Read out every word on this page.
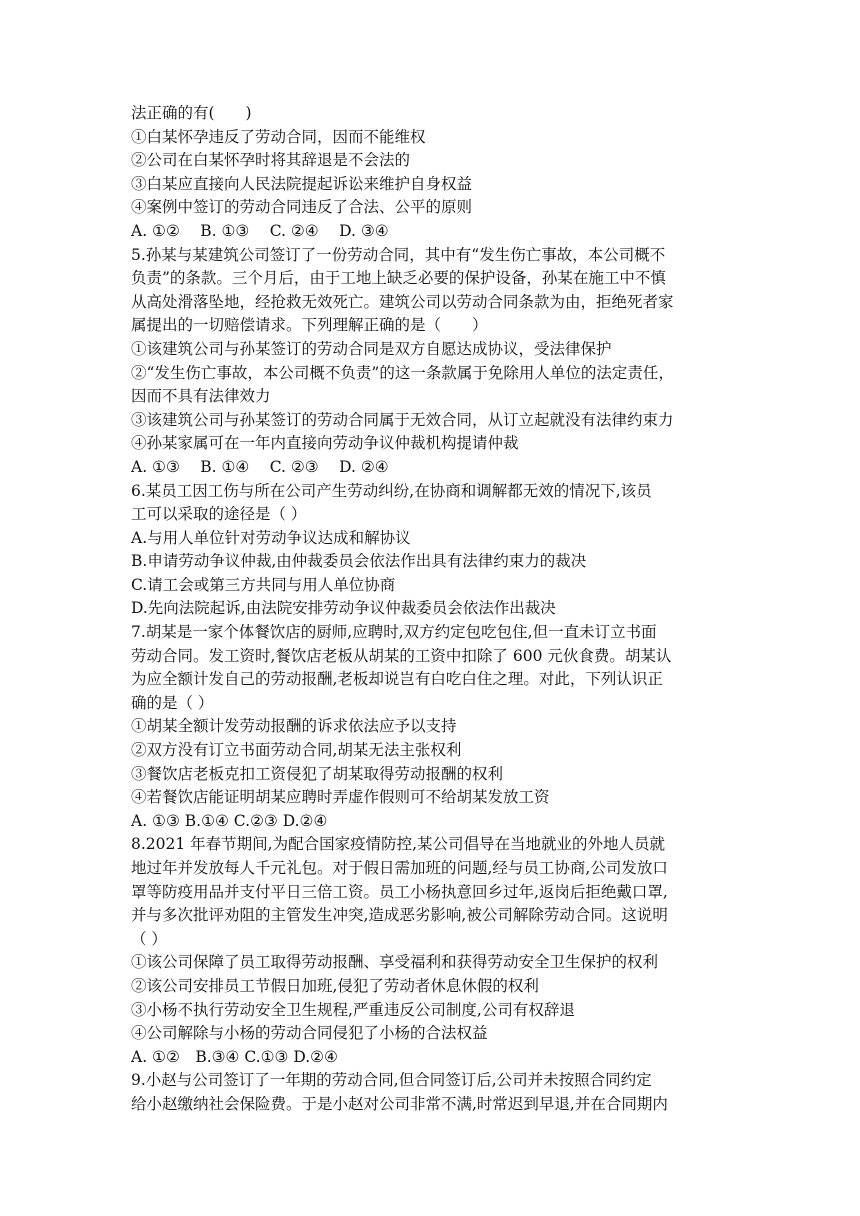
法正确的有(　　)
①白某怀孕违反了劳动合同，因而不能维权
②公司在白某怀孕时将其辞退是不会法的
③白某应直接向人民法院提起诉讼来维护自身权益
④案例中签订的劳动合同违反了合法、公平的原则
A. ①②　 B. ①③　 C. ②④　 D. ③④
5.孙某与某建筑公司签订了一份劳动合同，其中有“发生伤亡事故，本公司概不
负责”的条款。三个月后，由于工地上缺乏必要的保护设备，孙某在施工中不慎
从高处滑落坠地，经抢救无效死亡。建筑公司以劳动合同条款为由，拒绝死者家
属提出的一切赔偿请求。下列理解正确的是（　　）
①该建筑公司与孙某签订的劳动合同是双方自愿达成协议，受法律保护
②“发生伤亡事故，本公司概不负责”的这一条款属于免除用人单位的法定责任，
因而不具有法律效力
③该建筑公司与孙某签订的劳动合同属于无效合同，从订立起就没有法律约束力
④孙某家属可在一年内直接向劳动争议仲裁机构提请仲裁
A. ①③　 B. ①④　 C. ②③　 D. ②④
6.某员工因工伤与所在公司产生劳动纠纷,在协商和调解都无效的情况下,该员
工可以采取的途径是（ ）
A.与用人单位针对劳动争议达成和解协议
B.申请劳动争议仲裁,由仲裁委员会依法作出具有法律约束力的裁决
C.请工会或第三方共同与用人单位协商
D.先向法院起诉,由法院安排劳动争议仲裁委员会依法作出裁决
7.胡某是一家个体餐饮店的厨师,应聘时,双方约定包吃包住,但一直未订立书面
劳动合同。发工资时,餐饮店老板从胡某的工资中扣除了 600 元伙食费。胡某认
为应全额计发自己的劳动报酬,老板却说岂有白吃白住之理。对此，下列认识正
确的是（ ）
①胡某全额计发劳动报酬的诉求依法应予以支持
②双方没有订立书面劳动合同,胡某无法主张权利
③餐饮店老板克扣工资侵犯了胡某取得劳动报酬的权利
④若餐饮店能证明胡某应聘时弄虚作假则可不给胡某发放工资
A. ①③ B.①④ C.②③ D.②④
8.2021 年春节期间,为配合国家疫情防控,某公司倡导在当地就业的外地人员就
地过年并发放每人千元礼包。对于假日需加班的问题,经与员工协商,公司发放口
罩等防疫用品并支付平日三倍工资。员工小杨执意回乡过年,返岗后拒绝戴口罩,
并与多次批评劝阻的主管发生冲突,造成恶劣影响,被公司解除劳动合同。这说明
（ ）
①该公司保障了员工取得劳动报酬、享受福利和获得劳动安全卫生保护的权利
②该公司安排员工节假日加班,侵犯了劳动者休息休假的权利
③小杨不执行劳动安全卫生规程,严重违反公司制度,公司有权辞退
④公司解除与小杨的劳动合同侵犯了小杨的合法权益
A. ①②　B.③④ C.①③ D.②④
9.小赵与公司签订了一年期的劳动合同,但合同签订后,公司并未按照合同约定
给小赵缴纳社会保险费。于是小赵对公司非常不满,时常迟到早退,并在合同期内
